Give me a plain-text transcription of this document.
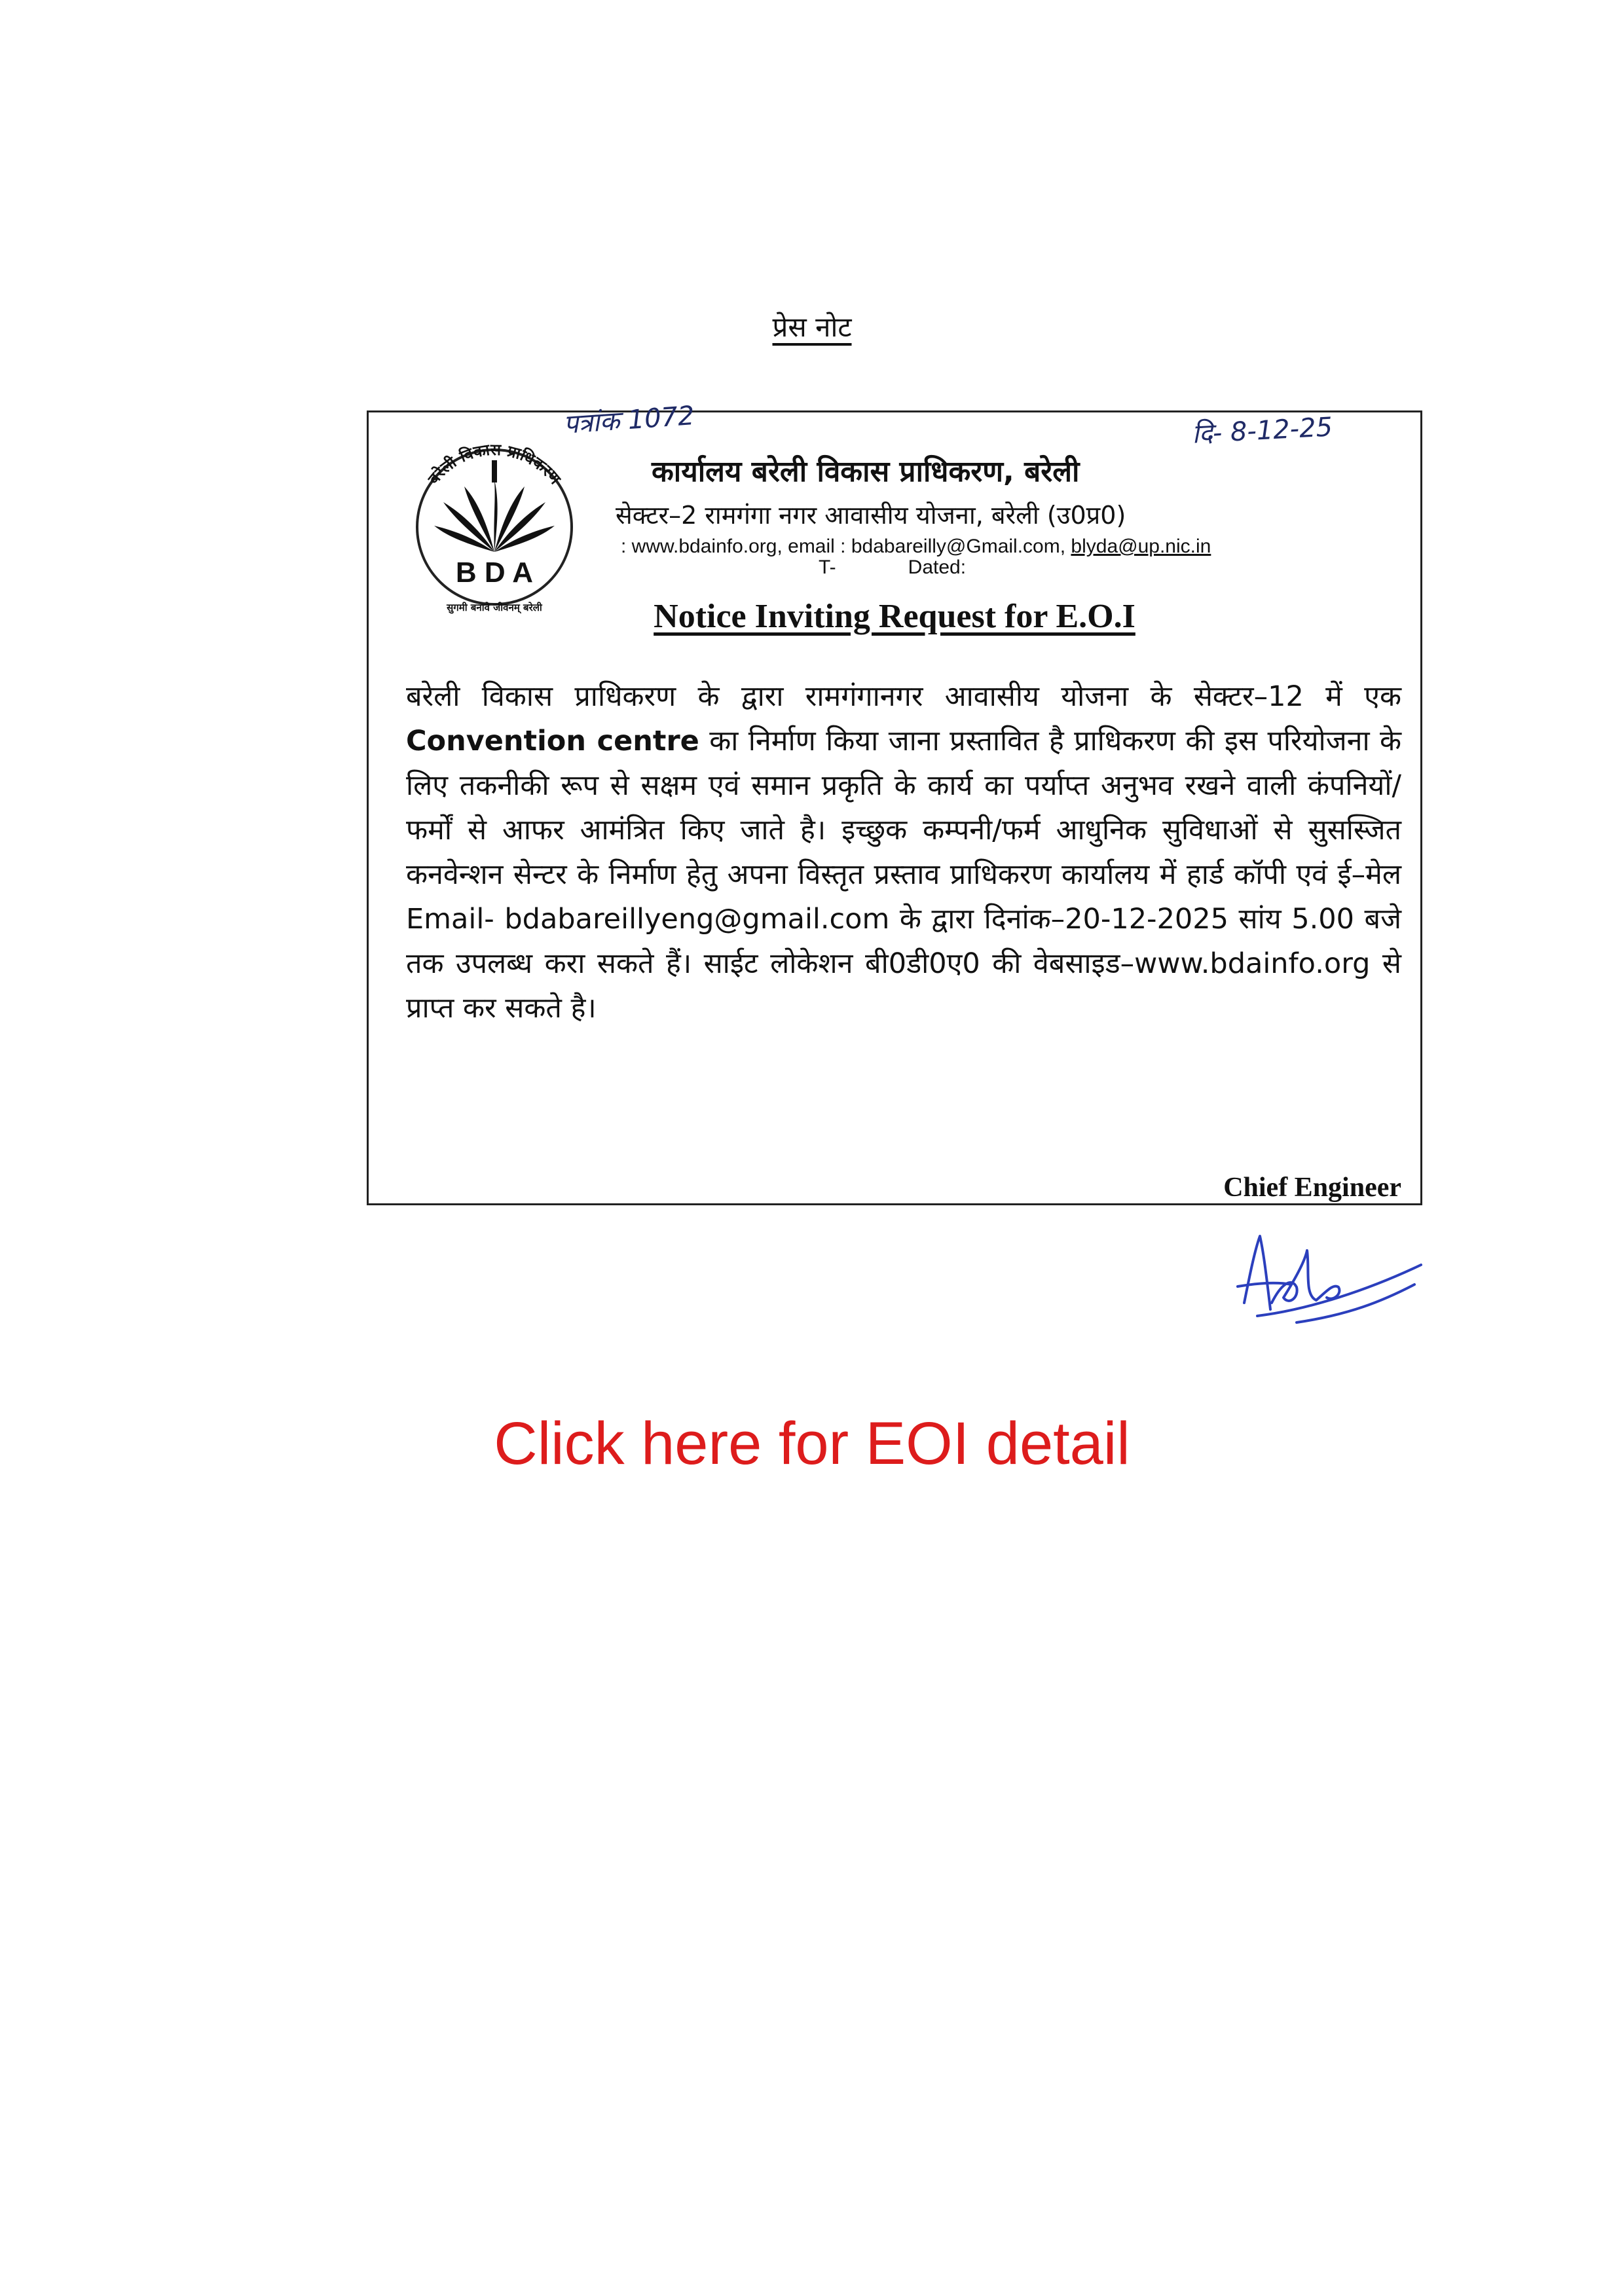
प्रेस नोट
पत्रांक 1072	दि- 8-12-25
बरेली विकास प्राधिकरण
B D A
सुगमी बनावे जीवनम् बरेली
कार्यालय बरेली विकास प्राधिकरण, बरेली
सेक्टर–2 रामगंगा नगर आवासीय योजना, बरेली (उ0प्र0)
: www.bdainfo.org, email : bdabareilly@Gmail.com, blyda@up.nic.in
T-	Dated:
Notice Inviting Request for E.O.I
बरेली विकास प्राधिकरण के द्वारा रामगंगानगर आवासीय योजना के सेक्टर–12 में एक Convention centre का निर्माण किया जाना प्रस्तावित है प्राधिकरण की इस परियोजना के लिए तकनीकी रूप से सक्षम एवं समान प्रकृति के कार्य का पर्याप्त अनुभव रखने वाली कंपनियों/फर्मों से आफर आमंत्रित किए जाते है। इच्छुक कम्पनी/फर्म आधुनिक सुविधाओं से सुसस्जित कनवेन्शन सेन्टर के निर्माण हेतु अपना विस्तृत प्रस्ताव प्राधिकरण कार्यालय में हार्ड कॉपी एवं ई–मेल Email- bdabareillyeng@gmail.com के द्वारा दिनांक–20-12-2025 सांय 5.00 बजे तक उपलब्ध करा सकते हैं। साईट लोकेशन बी0डी0ए0 की वेबसाइड–www.bdainfo.org से प्राप्त कर सकते है।
Chief Engineer
Click here for EOI detail
